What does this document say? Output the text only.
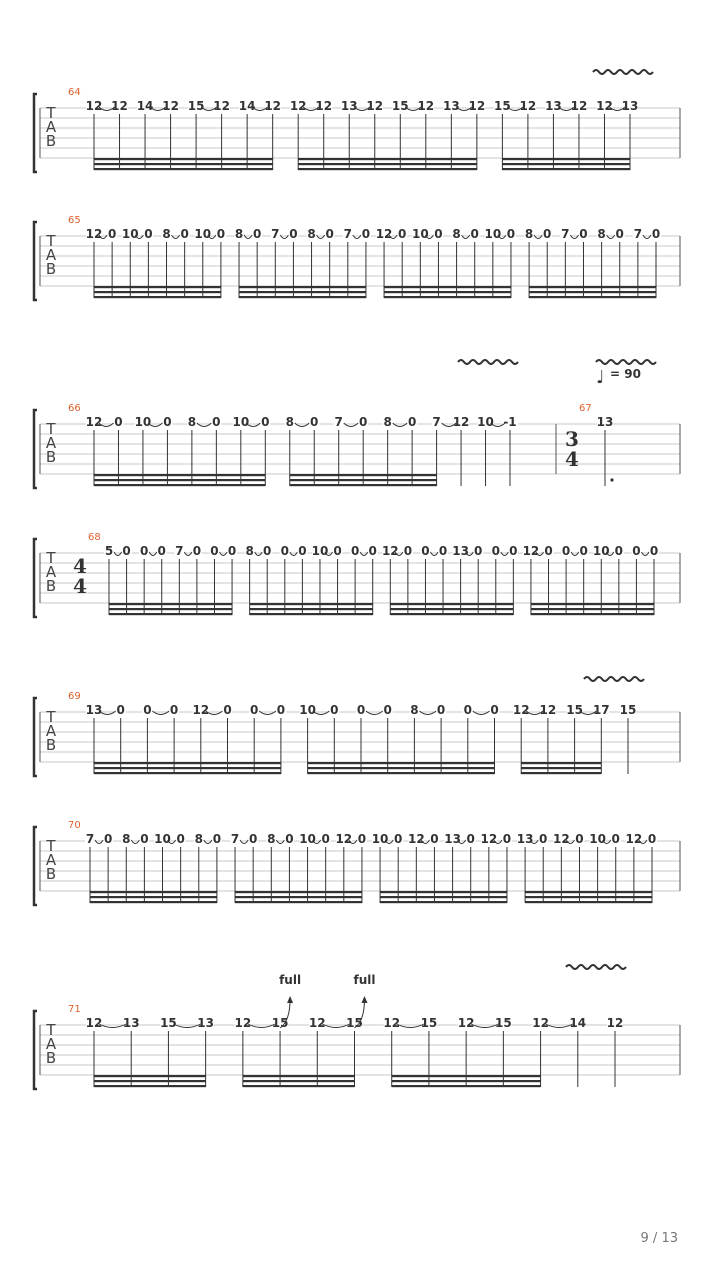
T
A
B
64
12 12 14 12 15 12 14 12 12 12 13 12 15 12 13 12 15 12 13 12 12 13
T
A
B
65
12 0 10 0 8 0 10 0 8 0 7 0 8 0 7 0 12 0 10 0 8 0 10 0 8 0 7 0 8 0 7 0
T
A
B
66
12 0 10 0 8 0 10 0 8 0 7 0 8 0 7 12 10 -1
67
3
4
13
♩ = 90
T
A
B
68
4
4
5 0 0 0 7 0 0 0 8 0 0 0 10 0 0 0 12 0 0 0 13 0 0 0 12 0 0 0 10 0 0 0
T
A
B
69
13 0 0 0 12 0 0 0 10 0 0 0 8 0 0 0 12 12 15 17 15
T
A
B
70
7 0 8 0 10 0 8 0 7 0 8 0 10 0 12 0 10 0 12 0 13 0 12 0 13 0 12 0 10 0 12 0
T
A
B
71
12 13 15 13 12 15 12 15 12 15 12 15 12 14 12
full	full
9 / 13
